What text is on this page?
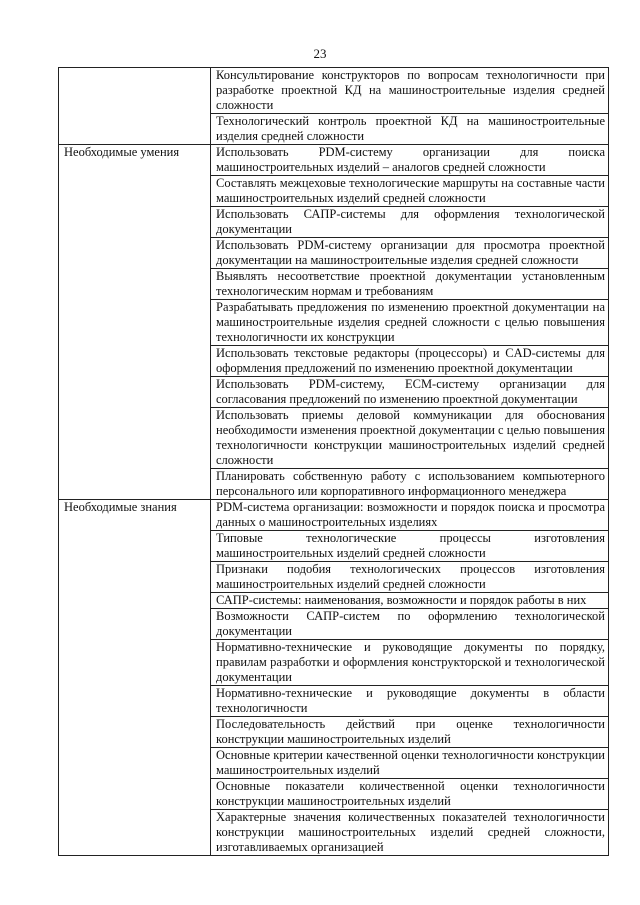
23
	Консультирование конструкторов по вопросам технологичности при разработке проектной КД на машиностроительные изделия средней сложности
	Технологический контроль проектной КД на машиностроительные изделия средней сложности
Необходимые умения	Использовать PDM-систему организации для поиска машиностроительных изделий – аналогов средней сложности
	Составлять межцеховые технологические маршруты на составные части машиностроительных изделий средней сложности
	Использовать САПР-системы для оформления технологической документации
	Использовать PDM-систему организации для просмотра проектной документации на машиностроительные изделия средней сложности
	Выявлять несоответствие проектной документации установленным технологическим нормам и требованиям
	Разрабатывать предложения по изменению проектной документации на машиностроительные изделия средней сложности с целью повышения технологичности их конструкции
	Использовать текстовые редакторы (процессоры) и CAD-системы для оформления предложений по изменению проектной документации
	Использовать PDM-систему, ECM-систему организации для согласования предложений по изменению проектной документации
	Использовать приемы деловой коммуникации для обоснования необходимости изменения проектной документации с целью повышения технологичности конструкции машиностроительных изделий средней сложности
	Планировать собственную работу с использованием компьютерного персонального или корпоративного информационного менеджера
Необходимые знания	PDM-система организации: возможности и порядок поиска и просмотра данных о машиностроительных изделиях
	Типовые технологические процессы изготовления машиностроительных изделий средней сложности
	Признаки подобия технологических процессов изготовления машиностроительных изделий средней сложности
	САПР-системы: наименования, возможности и порядок работы в них
	Возможности САПР-систем по оформлению технологической документации
	Нормативно-технические и руководящие документы по порядку, правилам разработки и оформления конструкторской и технологической документации
	Нормативно-технические и руководящие документы в области технологичности
	Последовательность действий при оценке технологичности конструкции машиностроительных изделий
	Основные критерии качественной оценки технологичности конструкции машиностроительных изделий
	Основные показатели количественной оценки технологичности конструкции машиностроительных изделий
	Характерные значения количественных показателей технологичности конструкции машиностроительных изделий средней сложности, изготавливаемых организацией
